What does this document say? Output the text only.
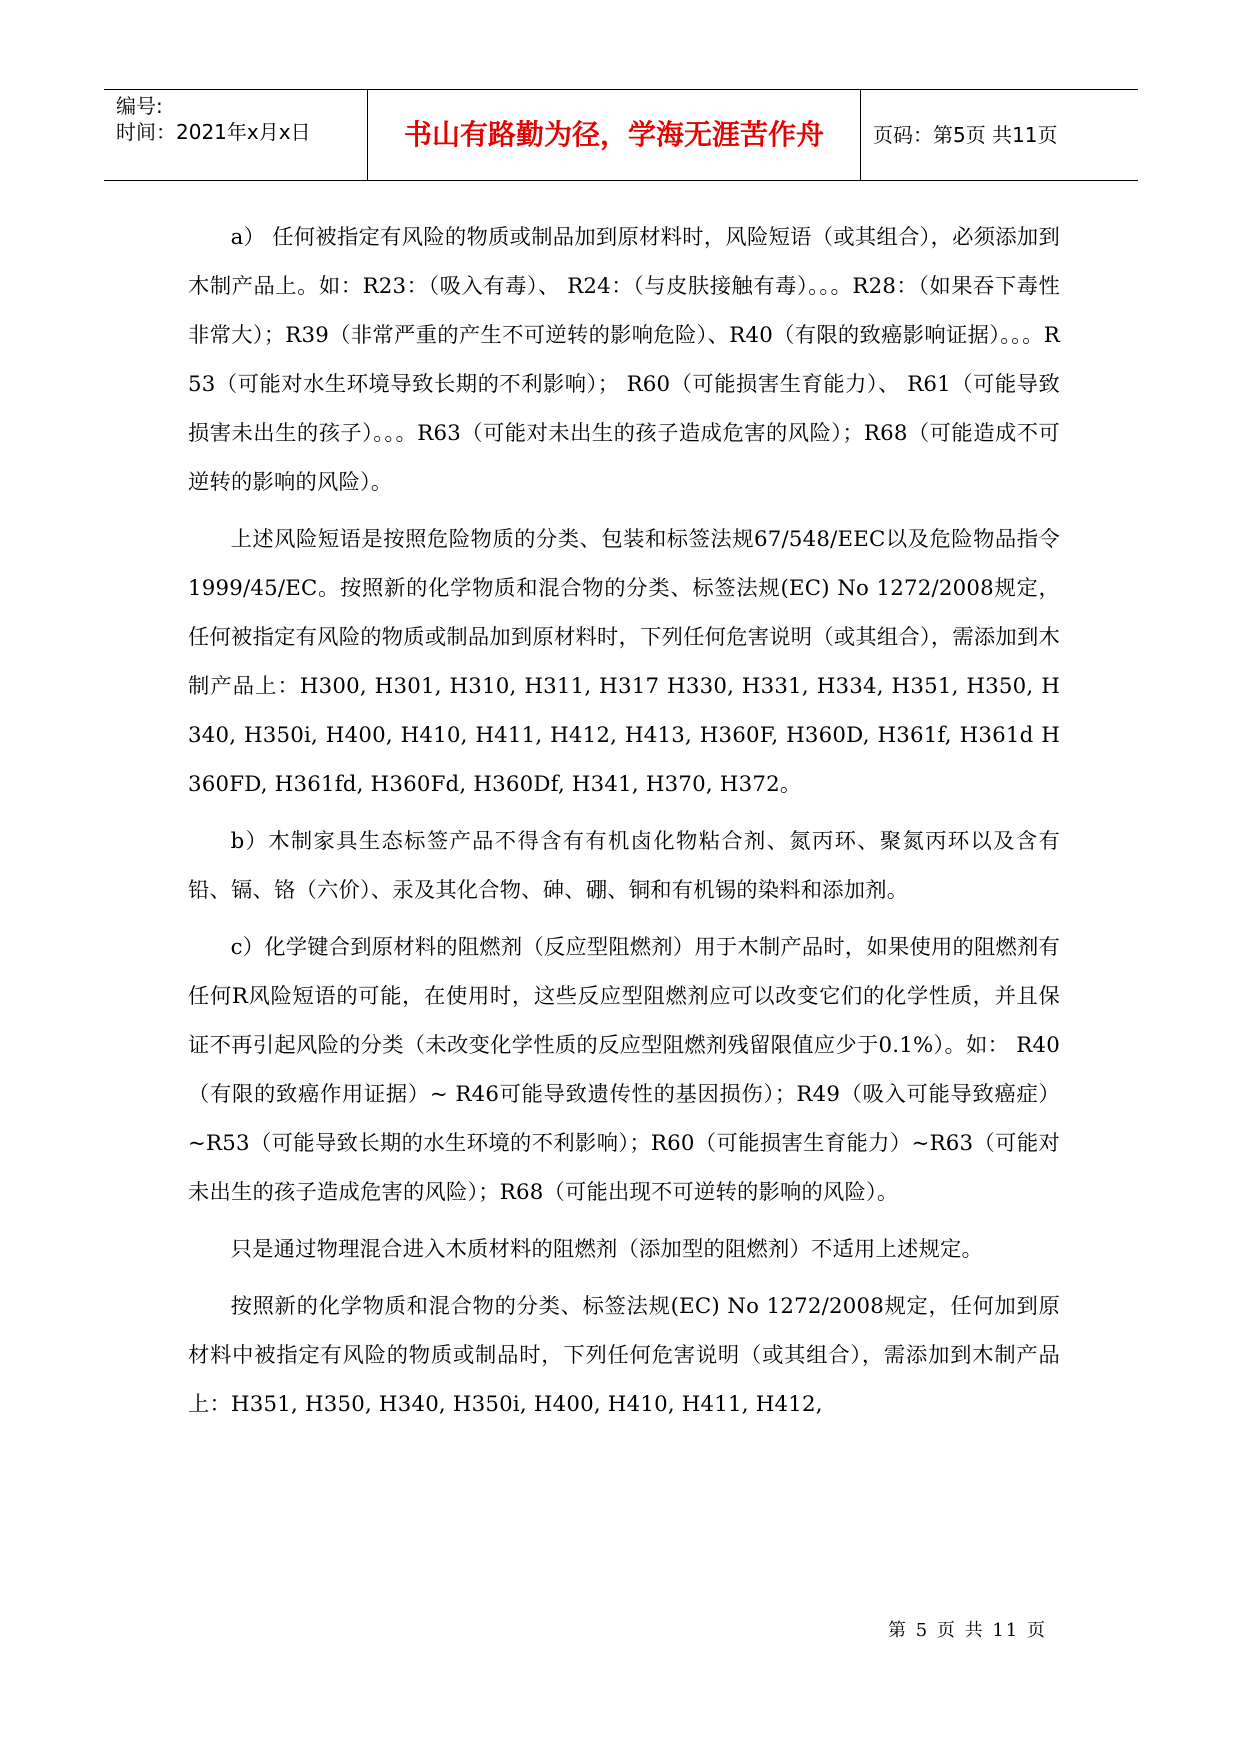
编号:
时间：2021年x月x日	书山有路勤为径，学海无涯苦作舟	页码：第5页 共11页

a） 任何被指定有风险的物质或制品加到原材料时，风险短语（或其组合），必须添加到木制产品上。如：R23：（吸入有毒）、 R24：（与皮肤接触有毒）。。。R28：（如果吞下毒性非常大）；R39（非常严重的产生不可逆转的影响危险）、R40（有限的致癌影响证据）。。。R53（可能对水生环境导致长期的不利影响）； R60（可能损害生育能力）、 R61（可能导致损害未出生的孩子）。。。R63（可能对未出生的孩子造成危害的风险）；R68（可能造成不可逆转的影响的风险）。

上述风险短语是按照危险物质的分类、包装和标签法规67/548/EEC以及危险物品指令1999/45/EC。按照新的化学物质和混合物的分类、标签法规(EC) No 1272/2008规定，任何被指定有风险的物质或制品加到原材料时，下列任何危害说明（或其组合），需添加到木制产品上：H300, H301, H310, H311, H317 H330, H331, H334, H351, H350, H340, H350i, H400, H410, H411, H412, H413, H360F, H360D, H361f, H361d H360FD, H361fd, H360Fd, H360Df, H341, H370, H372。

b）木制家具生态标签产品不得含有有机卤化物粘合剂、氮丙环、聚氮丙环以及含有铅、镉、铬（六价）、汞及其化合物、砷、硼、铜和有机锡的染料和添加剂。

c）化学键合到原材料的阻燃剂（反应型阻燃剂）用于木制产品时，如果使用的阻燃剂有任何R风险短语的可能，在使用时，这些反应型阻燃剂应可以改变它们的化学性质，并且保证不再引起风险的分类（未改变化学性质的反应型阻燃剂残留限值应少于0.1%）。如： R40（有限的致癌作用证据）~ R46可能导致遗传性的基因损伤）；R49（吸入可能导致癌症）~R53（可能导致长期的水生环境的不利影响）；R60（可能损害生育能力）~R63（可能对未出生的孩子造成危害的风险）；R68（可能出现不可逆转的影响的风险）。

只是通过物理混合进入木质材料的阻燃剂（添加型的阻燃剂）不适用上述规定。

按照新的化学物质和混合物的分类、标签法规(EC) No 1272/2008规定，任何加到原材料中被指定有风险的物质或制品时，下列任何危害说明（或其组合），需添加到木制产品上：H351, H350, H340, H350i, H400, H410, H411, H412,

第 5 页 共 11 页
